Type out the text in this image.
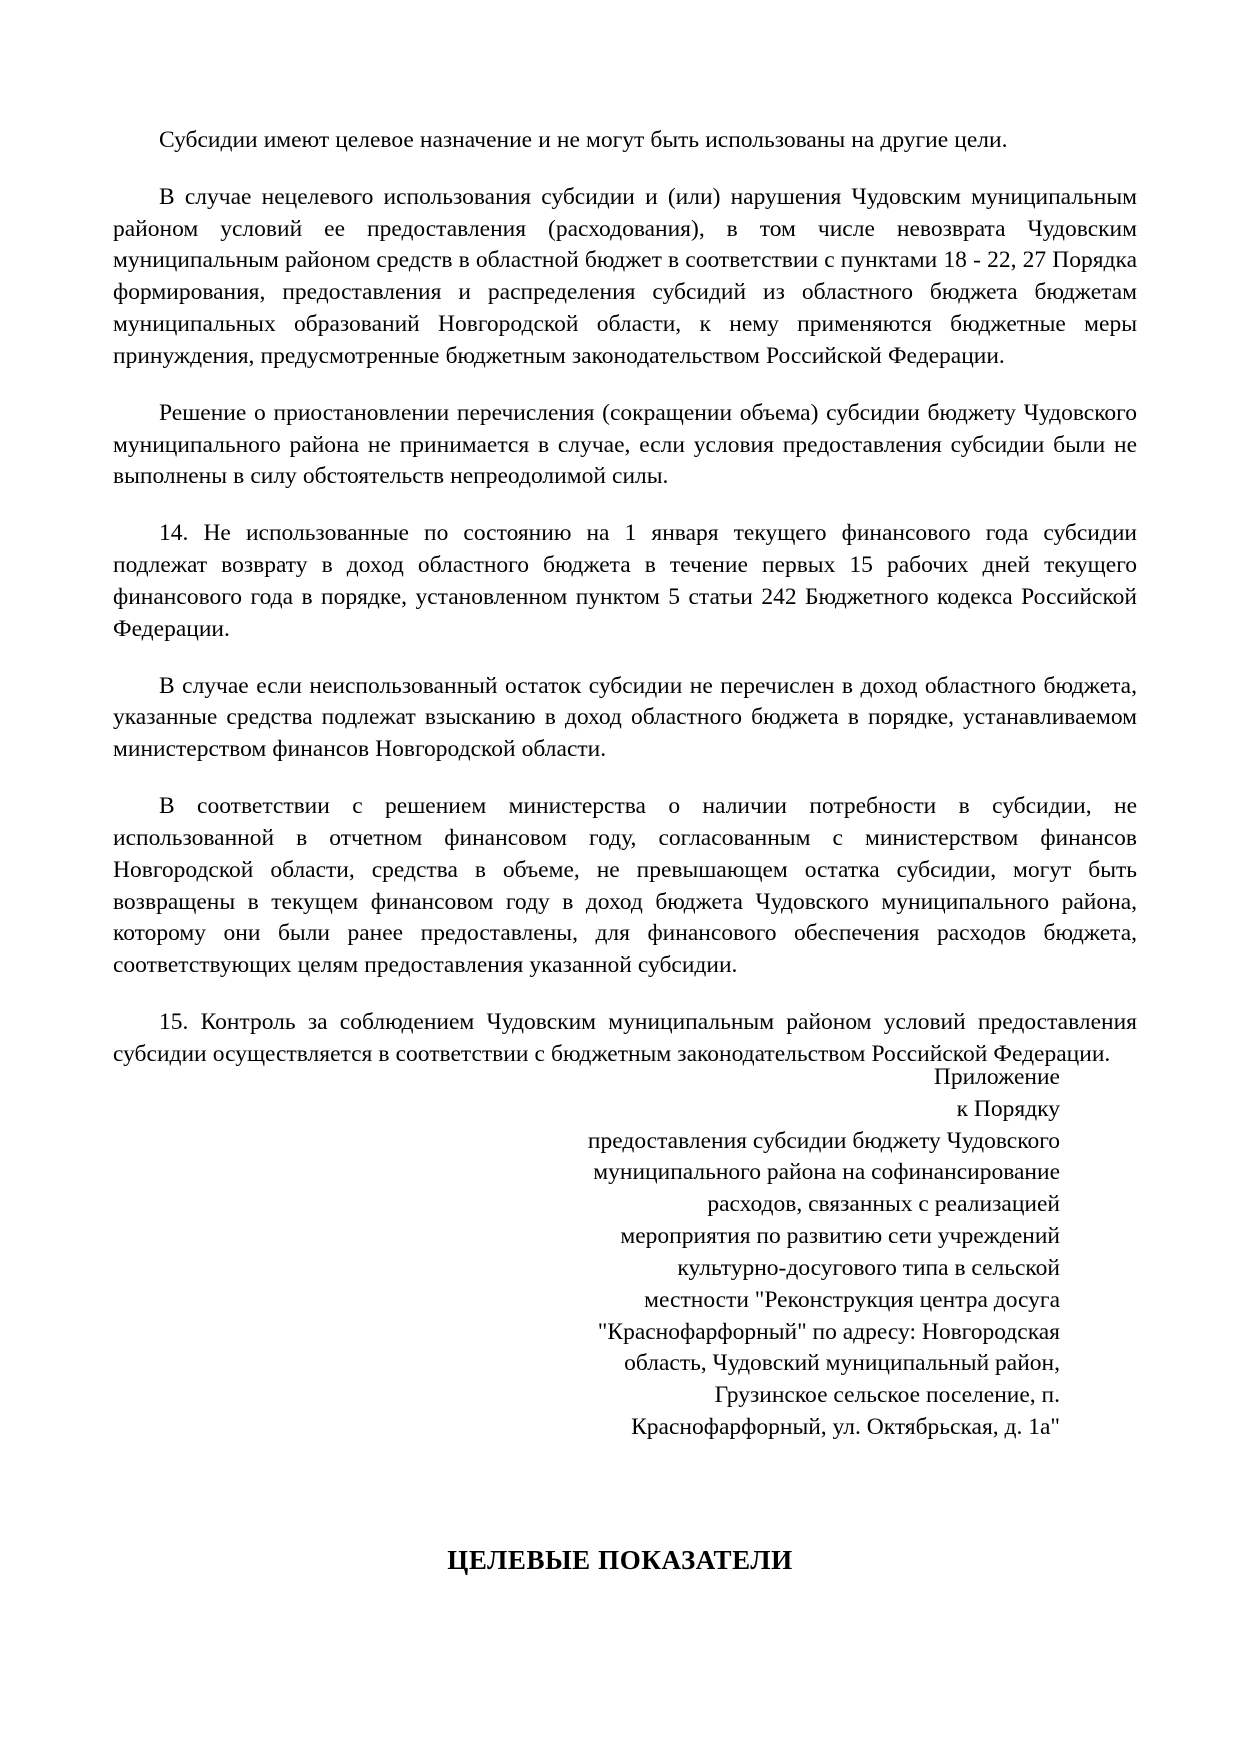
Субсидии имеют целевое назначение и не могут быть использованы на другие цели.

В случае нецелевого использования субсидии и (или) нарушения Чудовским муниципальным районом условий ее предоставления (расходования), в том числе невозврата Чудовским муниципальным районом средств в областной бюджет в соответствии с пунктами 18 - 22, 27 Порядка формирования, предоставления и распределения субсидий из областного бюджета бюджетам муниципальных образований Новгородской области, к нему применяются бюджетные меры принуждения, предусмотренные бюджетным законодательством Российской Федерации.

Решение о приостановлении перечисления (сокращении объема) субсидии бюджету Чудовского муниципального района не принимается в случае, если условия предоставления субсидии были не выполнены в силу обстоятельств непреодолимой силы.

14. Не использованные по состоянию на 1 января текущего финансового года субсидии подлежат возврату в доход областного бюджета в течение первых 15 рабочих дней текущего финансового года в порядке, установленном пунктом 5 статьи 242 Бюджетного кодекса Российской Федерации.

В случае если неиспользованный остаток субсидии не перечислен в доход областного бюджета, указанные средства подлежат взысканию в доход областного бюджета в порядке, устанавливаемом министерством финансов Новгородской области.

В соответствии с решением министерства о наличии потребности в субсидии, не использованной в отчетном финансовом году, согласованным с министерством финансов Новгородской области, средства в объеме, не превышающем остатка субсидии, могут быть возвращены в текущем финансовом году в доход бюджета Чудовского муниципального района, которому они были ранее предоставлены, для финансового обеспечения расходов бюджета, соответствующих целям предоставления указанной субсидии.

15. Контроль за соблюдением Чудовским муниципальным районом условий предоставления субсидии осуществляется в соответствии с бюджетным законодательством Российской Федерации.

Приложение
к Порядку
предоставления субсидии бюджету Чудовского
муниципального района на софинансирование
расходов, связанных с реализацией
мероприятия по развитию сети учреждений
культурно-досугового типа в сельской
местности "Реконструкция центра досуга
"Краснофарфорный" по адресу: Новгородская
область, Чудовский муниципальный район,
Грузинское сельское поселение, п.
Краснофарфорный, ул. Октябрьская, д. 1а"
ЦЕЛЕВЫЕ ПОКАЗАТЕЛИ
